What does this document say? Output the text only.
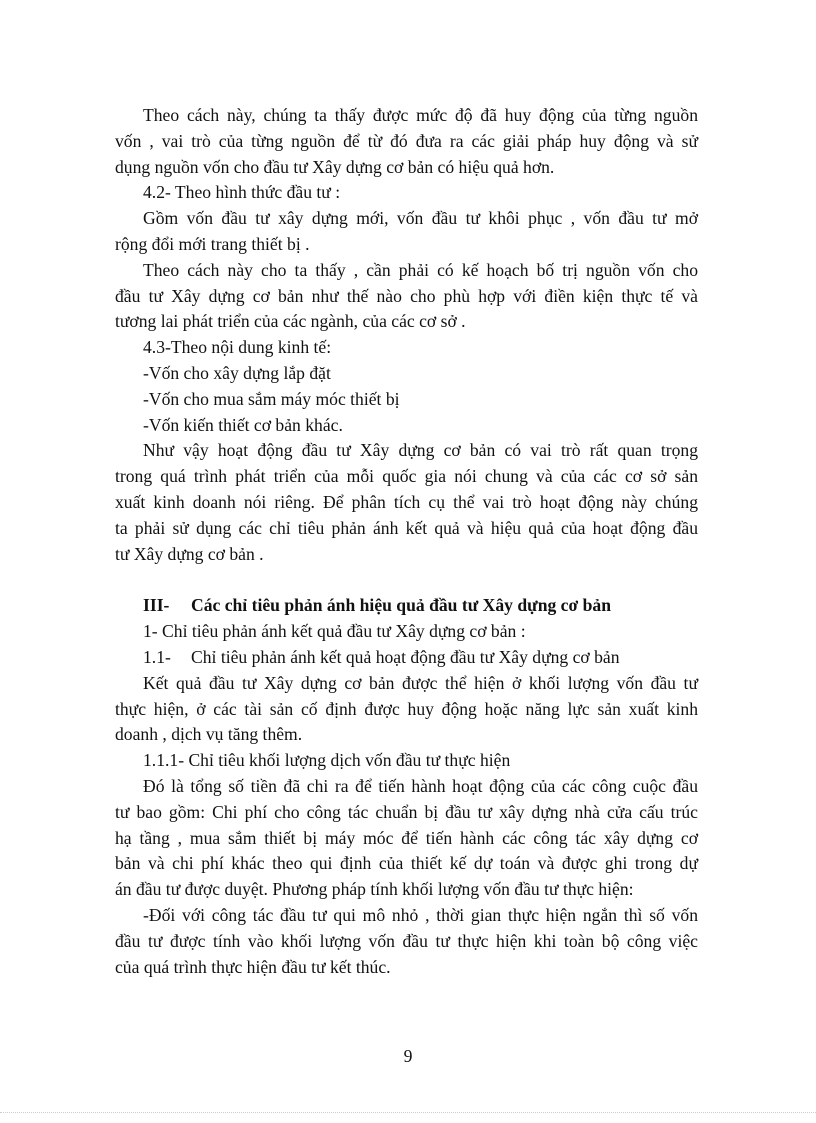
Theo cách này, chúng ta thấy được mức độ đã huy động của từng nguồn
vốn , vai trò của từng nguồn để từ đó đưa ra các giải pháp huy động và sử
dụng nguồn vốn cho đầu tư Xây dựng cơ bản có hiệu quả hơn.
4.2- Theo hình thức đầu tư :
Gồm vốn đầu tư xây dựng mới, vốn đầu tư khôi phục , vốn đầu tư mở
rộng đổi mới trang thiết bị .
Theo cách này cho ta thấy , cần phải có kế hoạch bố trị nguồn vốn cho
đầu tư Xây dựng cơ bản như thế nào cho phù hợp với điền kiện thực tế và
tương lai phát triển của các ngành, của các cơ sở .
4.3-Theo nội dung kinh tế:
-Vốn cho xây dựng lắp đặt
-Vốn cho mua sắm máy móc thiết bị
-Vốn kiến thiết cơ bản khác.
Như vậy hoạt động đầu tư Xây dựng cơ bản có vai trò rất quan trọng
trong quá trình phát triển của mỗi quốc gia nói chung và của các cơ sở sản
xuất kinh doanh nói riêng. Để phân tích cụ thể vai trò hoạt động này chúng
ta phải sử dụng các chỉ tiêu phản ánh kết quả và hiệu quả của hoạt động đầu
tư Xây dựng cơ bản .
III- Các chỉ tiêu phản ánh hiệu quả đầu tư Xây dựng cơ bản
1- Chỉ tiêu phản ánh kết quả đầu tư Xây dựng cơ bản :
1.1- Chỉ tiêu phản ánh kết quả hoạt động đầu tư Xây dựng cơ bản
Kết quả đầu tư Xây dựng cơ bản được thể hiện ở khối lượng vốn đầu tư
thực hiện, ở các tài sản cố định được huy động hoặc năng lực sản xuất kinh
doanh , dịch vụ tăng thêm.
1.1.1- Chỉ tiêu khối lượng dịch vốn đầu tư thực hiện
Đó là tổng số tiền đã chi ra để tiến hành hoạt động của các công cuộc đầu
tư bao gồm: Chi phí cho công tác chuẩn bị đầu tư xây dựng nhà cửa cấu trúc
hạ tầng , mua sắm thiết bị máy móc để tiến hành các công tác xây dựng cơ
bản và chi phí khác theo qui định của thiết kế dự toán và được ghi trong dự
án đầu tư được duyệt. Phương pháp tính khối lượng vốn đầu tư thực hiện:
-Đối với công tác đầu tư qui mô nhỏ , thời gian thực hiện ngắn thì số vốn
đầu tư được tính vào khối lượng vốn đầu tư thực hiện khi toàn bộ công việc
của quá trình thực hiện đầu tư kết thúc.
9
